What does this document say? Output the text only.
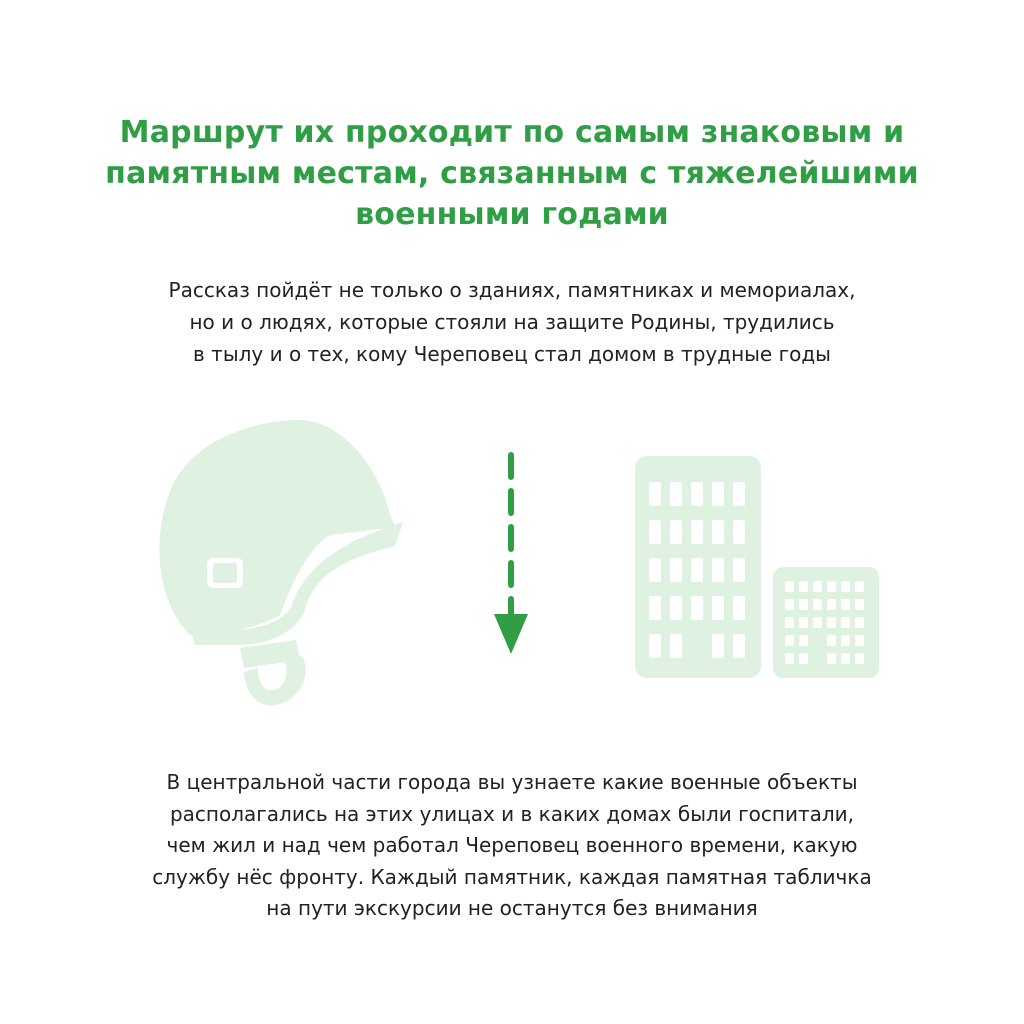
Маршрут их проходит по самым знаковым и
памятным местам, связанным с тяжелейшими
военными годами
Рассказ пойдёт не только о зданиях, памятниках и мемориалах,
но и о людях, которые стояли на защите Родины, трудились
в тылу и о тех, кому Череповец стал домом в трудные годы
В центральной части города вы узнаете какие военные объекты
располагались на этих улицах и в каких домах были госпитали,
чем жил и над чем работал Череповец военного времени, какую
службу нёс фронту. Каждый памятник, каждая памятная табличка
на пути экскурсии не останутся без внимания
